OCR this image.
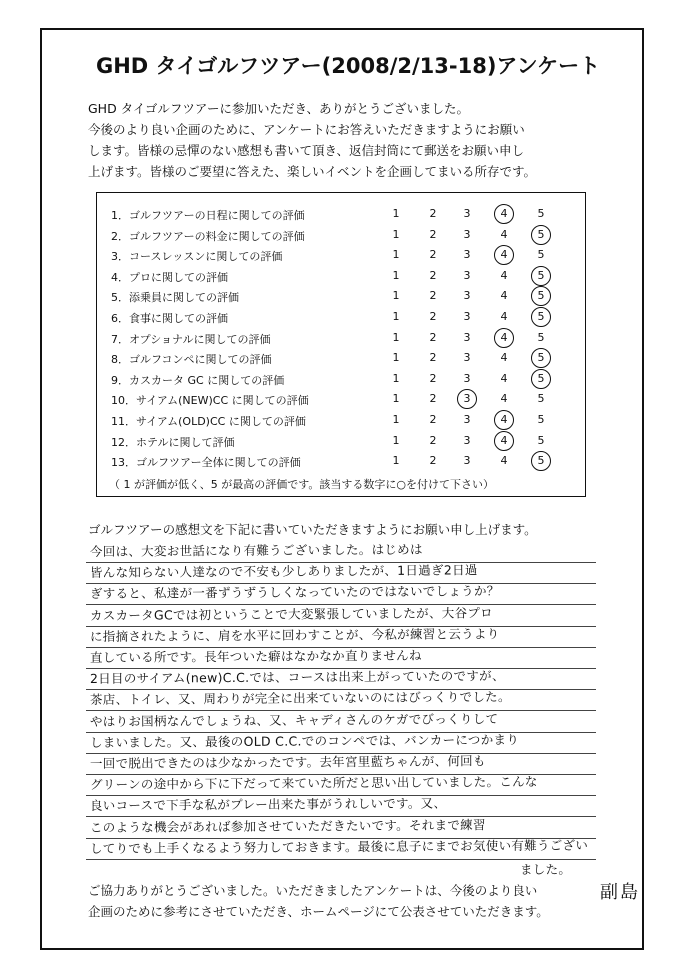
GHD タイゴルフツアー(2008/2/13-18)アンケート
GHD タイゴルフツアーに参加いただき、ありがとうございました。
今後のより良い企画のために、アンケートにお答えいただきますようにお願い
します。皆様の忌憚のない感想も書いて頂き、返信封筒にて郵送をお願い申し
上げます。皆様のご要望に答えた、楽しいイベントを企画してまいる所存です。
（ 1 が評価が低く、5 が最高の評価です。該当する数字に○を付けて下さい）
1．ゴルフツアーの日程に関しての評価	1	2	3	4	5
2．ゴルフツアーの料金に関しての評価	1	2	3	4	5
3．コースレッスンに関しての評価	1	2	3	4	5
4．プロに関しての評価	1	2	3	4	5
5．添乗員に関しての評価	1	2	3	4	5
6．食事に関しての評価	1	2	3	4	5
7．オプショナルに関しての評価	1	2	3	4	5
8．ゴルフコンペに関しての評価	1	2	3	4	5
9．カスカータ GC に関しての評価	1	2	3	4	5
10．サイアム(NEW)CC に関しての評価	1	2	3	4	5
11．サイアム(OLD)CC に関しての評価	1	2	3	4	5
12．ホテルに関して評価	1	2	3	4	5
13．ゴルフツアー全体に関しての評価	1	2	3	4	5
ゴルフツアーの感想文を下記に書いていただきますようにお願い申し上げます。
今回は、大変お世話になり有難うございました。はじめは
皆んな知らない人達なので不安も少しありましたが、1日過ぎ2日過
ぎすると、私達が一番ずうずうしくなっていたのではないでしょうか？
カスカータGCでは初ということで大変緊張していましたが、大谷プロ
に指摘されたように、肩を水平に回わすことが、今私が練習と云うより
直している所です。長年ついた癖はなかなか直りませんね
2日目のサイアム(new)C.C.では、コースは出来上がっていたのですが、
茶店、トイレ、又、周わりが完全に出来ていないのにはびっくりでした。
やはりお国柄なんでしょうね、又、キャディさんのケガでびっくりして
しまいました。又、最後のOLD C.C.でのコンペでは、バンカーにつかまり
一回で脱出できたのは少なかったです。去年宮里藍ちゃんが、何回も
グリーンの途中から下に下だって来ていた所だと思い出していました。こんな
良いコースで下手な私がプレー出来た事がうれしいです。又、
このような機会があれば参加させていただきたいです。それまで練習
してりでも上手くなるよう努力しておきます。最後に息子にまでお気使い有難うござい
ました。
ご協力ありがとうございました。いただきましたアンケートは、今後のより良い
企画のために参考にさせていただき、ホームページにて公表させていただきます。
副島
